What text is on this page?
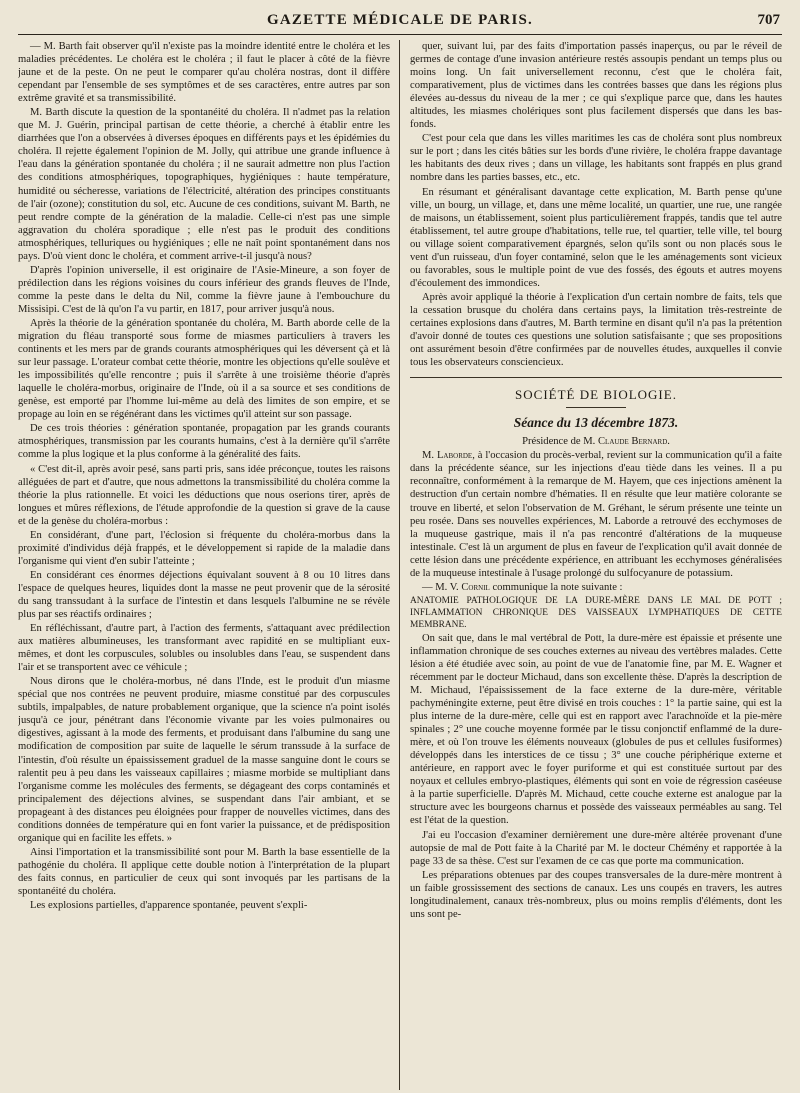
GAZETTE MÉDICALE DE PARIS.	707

— M. Barth fait observer qu'il n'existe pas la moindre identité entre le choléra et les maladies précédentes. Le choléra est le choléra ; il faut le placer à côté de la fièvre jaune et de la peste. On ne peut le comparer qu'au choléra nostras, dont il diffère cependant par l'ensemble de ses symptômes et de ses caractères, entre autres par son extrême gravité et sa transmissibilité.

M. Barth discute la question de la spontanéité du choléra. Il n'admet pas la relation que M. J. Guérin, principal partisan de cette théorie, a cherché à établir entre les diarrhées que l'on a observées à diverses époques en différents pays et les épidémies du choléra. Il rejette également l'opinion de M. Jolly, qui attribue une grande influence à l'eau dans la génération spontanée du choléra ; il ne saurait admettre non plus l'action des conditions atmosphériques, topographiques, hygiéniques : haute température, humidité ou sécheresse, variations de l'électricité, altération des principes constituants de l'air (ozone); constitution du sol, etc. Aucune de ces conditions, suivant M. Barth, ne peut rendre compte de la génération de la maladie. Celle-ci n'est pas une simple aggravation du choléra sporadique ; elle n'est pas le produit des conditions atmosphériques, telluriques ou hygiéniques ; elle ne naît point spontanément dans nos pays. D'où vient donc le choléra, et comment arrive-t-il jusqu'à nous?

D'après l'opinion universelle, il est originaire de l'Asie-Mineure, a son foyer de prédilection dans les régions voisines du cours inférieur des grands fleuves de l'Inde, comme la peste dans le delta du Nil, comme la fièvre jaune à l'embouchure du Missisipi. C'est de là qu'on l'a vu partir, en 1817, pour arriver jusqu'à nous.

Après la théorie de la génération spontanée du choléra, M. Barth aborde celle de la migration du fléau transporté sous forme de miasmes particuliers à travers les continents et les mers par de grands courants atmosphériques qui les déversent çà et là sur leur passage. L'orateur combat cette théorie, montre les objections qu'elle soulève et les impossibilités qu'elle rencontre ; puis il s'arrête à une troisième théorie d'après laquelle le choléra-morbus, originaire de l'Inde, où il a sa source et ses conditions de genèse, est emporté par l'homme lui-même au delà des limites de son empire, et se propage au loin en se régénérant dans les victimes qu'il atteint sur son passage.

De ces trois théories : génération spontanée, propagation par les grands courants atmosphériques, transmission par les courants humains, c'est à la dernière qu'il s'arrête comme la plus logique et la plus conforme à la généralité des faits.

« C'est dit-il, après avoir pesé, sans parti pris, sans idée préconçue, toutes les raisons alléguées de part et d'autre, que nous admettons la transmissibilité du choléra comme la théorie la plus rationnelle. Et voici les déductions que nous oserions tirer, après de longues et mûres réflexions, de l'étude approfondie de la question si grave de la cause et de la genèse du choléra-morbus :

En considérant, d'une part, l'éclosion si fréquente du choléra-morbus dans la proximité d'individus déjà frappés, et le développement si rapide de la maladie dans l'organisme qui vient d'en subir l'atteinte ;

En considérant ces énormes déjections équivalant souvent à 8 ou 10 litres dans l'espace de quelques heures, liquides dont la masse ne peut provenir que de la sérosité du sang transsudant à la surface de l'intestin et dans lesquels l'albumine ne se révèle plus par ses réactifs ordinaires ;

En réfléchissant, d'autre part, à l'action des ferments, s'attaquant avec prédilection aux matières albumineuses, les transformant avec rapidité en se multipliant eux-mêmes, et dont les corpuscules, solubles ou insolubles dans l'eau, se suspendent dans l'air et se transportent avec ce véhicule ;

Nous dirons que le choléra-morbus, né dans l'Inde, est le produit d'un miasme spécial que nos contrées ne peuvent produire, miasme constitué par des corpuscules subtils, impalpables, de nature probablement organique, que la science n'a point isolés jusqu'à ce jour, pénétrant dans l'économie vivante par les voies pulmonaires ou digestives, agissant à la mode des ferments, et produisant dans l'albumine du sang une modification de composition par suite de laquelle le sérum transsude à la surface de l'intestin, d'où résulte un épaississement graduel de la masse sanguine dont le cours se ralentit peu à peu dans les vaisseaux capillaires ; miasme morbide se multipliant dans l'organisme comme les molécules des ferments, se dégageant des corps contaminés et principalement des déjections alvines, se suspendant dans l'air ambiant, et se propageant à des distances peu éloignées pour frapper de nouvelles victimes, dans des conditions données de température qui en font varier la puissance, et de prédisposition organique qui en facilite les effets. »

Ainsi l'importation et la transmissibilité sont pour M. Barth la base essentielle de la pathogénie du choléra. Il applique cette double notion à l'interprétation de la plupart des faits connus, en particulier de ceux qui sont invoqués par les partisans de la spontanéité du choléra.

Les explosions partielles, d'apparence spontanée, peuvent s'expli-

quer, suivant lui, par des faits d'importation passés inaperçus, ou par le réveil de germes de contage d'une invasion antérieure restés assoupis pendant un temps plus ou moins long. Un fait universellement reconnu, c'est que le choléra fait, comparativement, plus de victimes dans les contrées basses que dans les régions plus élevées au-dessus du niveau de la mer ; ce qui s'explique parce que, dans les hautes altitudes, les miasmes cholériques sont plus facilement dispersés que dans les bas-fonds.

C'est pour cela que dans les villes maritimes les cas de choléra sont plus nombreux sur le port ; dans les cités bâties sur les bords d'une rivière, le choléra frappe davantage les habitants des deux rives ; dans un village, les habitants sont frappés en plus grand nombre dans les parties basses, etc., etc.

En résumant et généralisant davantage cette explication, M. Barth pense qu'une ville, un bourg, un village, et, dans une même localité, un quartier, une rue, une rangée de maisons, un établissement, soient plus particulièrement frappés, tandis que tel autre établissement, tel autre groupe d'habitations, telle rue, tel quartier, telle ville, tel bourg ou village soient comparativement épargnés, selon qu'ils sont ou non placés sous le vent d'un ruisseau, d'un foyer contaminé, selon que le les aménagements sont vicieux ou favorables, sous le multiple point de vue des fossés, des égouts et autres moyens d'écoulement des immondices.

Après avoir appliqué la théorie à l'explication d'un certain nombre de faits, tels que la cessation brusque du choléra dans certains pays, la limitation très-restreinte de certaines explosions dans d'autres, M. Barth termine en disant qu'il n'a pas la prétention d'avoir donné de toutes ces questions une solution satisfaisante ; que ses propositions ont assurément besoin d'être confirmées par de nouvelles études, auxquelles il convie tous les observateurs consciencieux.

SOCIÉTÉ DE BIOLOGIE.
Séance du 13 décembre 1873.

Présidence de M. Claude Bernard.

M. Laborde, à l'occasion du procès-verbal, revient sur la communication qu'il a faite dans la précédente séance, sur les injections d'eau tiède dans les veines. Il a pu reconnaître, conformément à la remarque de M. Hayem, que ces injections amènent la destruction d'un certain nombre d'hématies. Il en résulte que leur matière colorante se trouve en liberté, et selon l'observation de M. Gréhant, le sérum présente une teinte un peu rosée. Dans ses nouvelles expériences, M. Laborde a retrouvé des ecchymoses de la muqueuse gastrique, mais il n'a pas rencontré d'altérations de la muqueuse intestinale. C'est là un argument de plus en faveur de l'explication qu'il avait donnée de cette lésion dans une précédente expérience, en attribuant les ecchymoses généralisées de la muqueuse intestinale à l'usage prolongé du sulfocyanure de potassium.

— M. V. Cornil communique la note suivante :

ANATOMIE PATHOLOGIQUE DE LA DURE-MÈRE DANS LE MAL DE POTT ; INFLAMMATION CHRONIQUE DES VAISSEAUX LYMPHATIQUES DE CETTE MEMBRANE.

On sait que, dans le mal vertébral de Pott, la dure-mère est épaissie et présente une inflammation chronique de ses couches externes au niveau des vertèbres malades. Cette lésion a été étudiée avec soin, au point de vue de l'anatomie fine, par M. E. Wagner et récemment par le docteur Michaud, dans son excellente thèse. D'après la description de M. Michaud, l'épaississement de la face externe de la dure-mère, véritable pachyméningite externe, peut être divisé en trois couches : 1° la partie saine, qui est la plus interne de la dure-mère, celle qui est en rapport avec l'arachnoïde et la pie-mère spinales ; 2° une couche moyenne formée par le tissu conjonctif enflammé de la dure-mère, et où l'on trouve les éléments nouveaux (globules de pus et cellules fusiformes) développés dans les interstices de ce tissu ; 3° une couche périphérique externe et antérieure, en rapport avec le foyer puriforme et qui est constituée surtout par des noyaux et cellules embryo-plastiques, éléments qui sont en voie de régression caséeuse à la partie superficielle. D'après M. Michaud, cette couche externe est analogue par la structure avec les bourgeons charnus et possède des vaisseaux perméables au sang. Tel est l'état de la question.

J'ai eu l'occasion d'examiner dernièrement une dure-mère altérée provenant d'une autopsie de mal de Pott faite à la Charité par M. le docteur Chémény et rapportée à la page 33 de sa thèse. C'est sur l'examen de ce cas que porte ma communication.

Les préparations obtenues par des coupes transversales de la dure-mère montrent à un faible grossissement des sections de canaux. Les uns coupés en travers, les autres longitudinalement, canaux très-nombreux, plus ou moins remplis d'éléments, dont les uns sont pe-
